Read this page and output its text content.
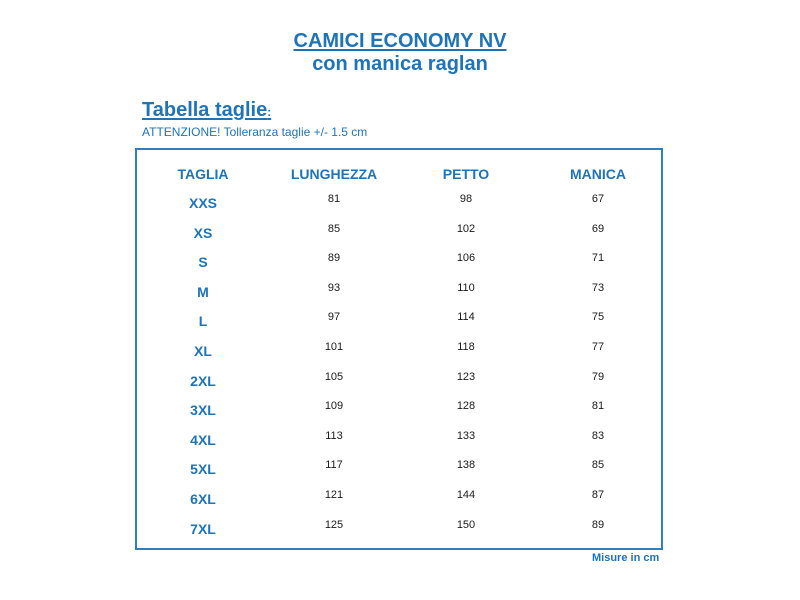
CAMICI ECONOMY NV
con manica raglan
Tabella taglie:
ATTENZIONE! Tolleranza taglie +/- 1.5 cm
TAGLIA	LUNGHEZZA	PETTO	MANICA
XXS	81	98	67
XS	85	102	69
S	89	106	71
M	93	110	73
L	97	114	75
XL	101	118	77
2XL	105	123	79
3XL	109	128	81
4XL	113	133	83
5XL	117	138	85
6XL	121	144	87
7XL	125	150	89
Misure in cm
